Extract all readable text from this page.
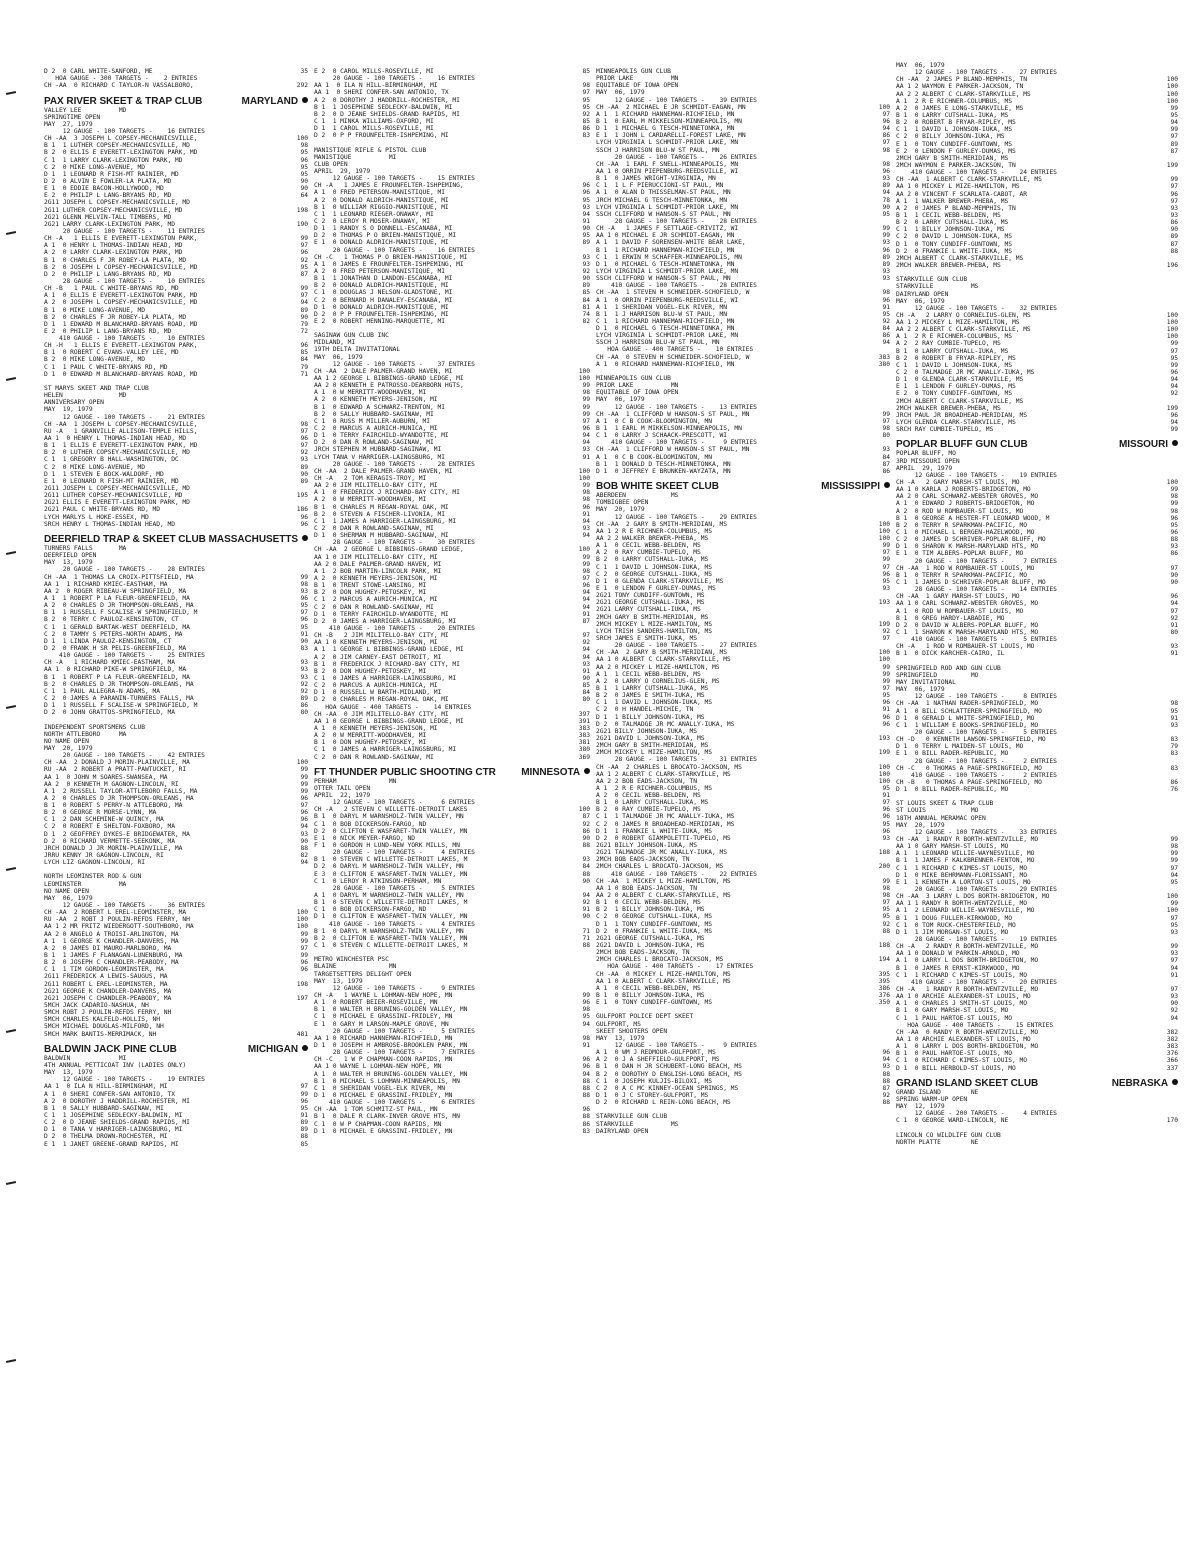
D 2  0 CARL WHITE-SANFORD, ME	35
HOA GAUGE - 300 TARGETS -    2 ENTRIES
CH -AA  0 RICHARD C TAYLOR-N VASSALBORO,	292
PAX RIVER SKEET & TRAP CLUB	MARYLAND
VALLEY LEE          MD
SPRINGTIME OPEN
MAY  27, 1979
12 GAUGE - 100 TARGETS -    16 ENTRIES
CH -AA  3 JOSEPH L COPSEY-MECHANICSVILLE,	100
B 1  1 LUTHER COPSEY-MECHANICSVILLE, MD	98
B 2  0 ELLIS E EVERETT-LEXINGTON PARK, MD	95
C 1  1 LARRY CLARK-LEXINGTON PARK, MD	96
C 2  0 MIKE LONG-AVENUE, MD	95
D 1  1 LEONARD R FISH-MT RAINIER, MD	95
D 2  0 ALVIN E FOWLER-LA PLATA, MD	90
E 1  0 EDDIE BACON-HOLLYWOOD, MD	90
E 2  0 PHILIP L LANG-BRYANS RD, MD	64
2G11 JOSEPH L COPSEY-MECHANICSVILLE, MD
2G11 LUTHER COPSEY-MECHANICSVILLE, MD	198
2G21 GLENN MELVIN-TALL TIMBERS, MD
2G21 LARRY CLARK-LEXINGTON PARK, MD	190
20 GAUGE - 100 TARGETS -    11 ENTRIES
CH -A   1 ELLIS E EVERETT-LEXINGTON PARK,	99
A 1  0 HENRY L THOMAS-INDIAN HEAD, MD	97
A 2  0 LARRY CLARK-LEXINGTON PARK, MD	96
B 1  0 CHARLES F JR ROBEY-LA PLATA, MD	92
B 2  0 JOSEPH L COPSEY-MECHANICSVILLE, MD	95
D 2  0 PHILIP L LANG-BRYANS RD, MD	87
28 GAUGE - 100 TARGETS -    10 ENTRIES
CH -B   1 PAUL C WHITE-BRYANS RD, MD	99
A 1  0 ELLIS E EVERETT-LEXINGTON PARK, MD	97
A 2  0 JOSEPH L COPSEY-MECHANICSVILLE, MD	94
B 1  0 MIKE LONG-AVENUE, MD	89
B 2  0 CHARLES F JR ROBEY-LA PLATA, MD	90
D 1  1 EDWARD M BLANCHARD-BRYANS ROAD, MD	79
E 2  0 PHILIP L LANG-BRYANS RD, MD	72
410 GAUGE - 100 TARGETS -    10 ENTRIES
CH -H   1 ELLIS E EVERETT-LEXINGTON PARK,	96
B 1  0 ROBERT C EVANS-VALLEY LEE, MD	85
B 2  0 MIKE LONG-AVENUE, MD	84
C 1  1 PAUL C WHITE-BRYANS RD, MD	79
D 1  0 EDWARD M BLANCHARD-BRYANS ROAD, MD	71
ST MARYS SKEET AND TRAP CLUB
HELEN               MD
ANNIVERSARY OPEN
MAY  19, 1979
12 GAUGE - 100 TARGETS -    21 ENTRIES
CH -AA  1 JOSEPH L COPSEY-MECHANICSVILLE,	98
RU -A   1 GRANVILLE ALLISON-TEMPLE HILLS,	97
AA 1  0 HENRY L THOMAS-INDIAN HEAD, MD	96
B 1  1 ELLIS E EVERETT-LEXINGTON PARK, MD	97
B 2  0 LUTHER COPSEY-MECHANICSVILLE, MD	92
C 1  1 GREGORY B HALL-WASHINGTON, DC	93
C 2  0 MIKE LONG-AVENUE, MD	89
D 1  1 STEVEN E BOCK-WALDORF, MD	90
E 1  0 LEONARD R FISH-MT RAINIER, MD	89
2G11 JOSEPH L COPSEY-MECHANICSVILLE, MD
2G11 LUTHER COPSEY-MECHANICSVILLE, MD	195
2G21 ELLIS E EVERETT-LEXINGTON PARK, MD
2G21 PAUL C WHITE-BRYANS RD, MD	186
LYCH MARLYS L HOKE-ESSEX, MD	96
SRCH HENRY L THOMAS-INDIAN HEAD, MD	96
DEERFIELD TRAP & SKEET CLUB MASSACHUSETTS
TURNERS FALLS       MA
DEERFIELD OPEN
MAY  13, 1979
20 GAUGE - 100 TARGETS -    28 ENTRIES
CH -AA  1 THOMAS LA CROIX-PITTSFIELD, MA	99
AA 1  1 RICHARD KMIEC-EASTHAM, MA	98
AA 2  0 ROGER RIBEAU-W SPRINGFIELD, MA	93
A 1  1 ROBERT P LA FLEUR-GREENFIELD, MA	96
A 2  0 CHARLES D JR THOMPSON-ORLEANS, MA	95
B 1  1 RUSSELL F SCALISE-W SPRINGFIELD, M	97
B 2  0 TERRY C PAULOZ-KENSINGTON, CT	96
C 1  1 GERALD BARTAK-WEST DEERFIELD, MA	95
C 2  0 TAMMY S PETERS-NORTH ADAMS, MA	91
D 1  1 LINDA PAULOZ-KENSINGTON, CT	90
D 2  0 FRANK H SR PELIS-GREENFIELD, MA	83
410 GAUGE - 100 TARGETS -    25 ENTRIES
CH -A   1 RICHARD KMIEC-EASTHAM, MA	93
AA 1  0 RICHARD PIKE-W SPRINGFIELD, MA	93
B 1  1 ROBERT P LA FLEUR-GREENFIELD, MA	93
B 2  0 CHARLES D JR THOMPSON-ORLEANS, MA	92
C 1  1 PAUL ALLEGRA-N ADAMS, MA	92
C 2  0 JAMES A PARANIN-TURNERS FALLS, MA	89
D 1  1 RUSSELL F SCALISE-W SPRINGFIELD, M	86
D 2  0 JOHN GRATTOS-SPRINGFIELD, MA	80
INDEPENDENT SPORTSMENS CLUB
NORTH ATTLEBORO     MA
NO NAME OPEN
MAY  20, 1979
20 GAUGE - 100 TARGETS -    42 ENTRIES
CH -AA  2 DONALD J MORIN-PLAINVILLE, MA	100
RU -AA  2 ROBERT A PRATT-PAWTUCKET, RI	99
AA 1  0 JOHN M SOARES-SWANSEA, MA	99
AA 2  0 KENNETH M GAGNON-LINCOLN, RI	99
A 1  2 RUSSELL TAYLOR-ATTLEBORO FALLS, MA	99
A 2  0 CHARLES D JR THOMPSON-ORLEANS, MA	96
B 1  0 ROBERT S PERRY-N ATTLEBORO, MA	97
B 2  0 GEORGE R MORSE-LYNN, MA	96
C 1  2 DAN SCHEMINE-W QUINCY, MA	96
C 2  0 ROBERT E SHELTON-FOXBORO, MA	94
D 1  2 GEOFFREY DYKES-E BRIDGEWATER, MA	93
D 2  0 RICHARD VERMETTE-SEEKONK, MA	90
JRCH DONALD J JR MORIN-PLAINVILLE, MA	88
JRRU KENNY JR GAGNON-LINCOLN, RI	82
LYCH LIZ GAGNON-LINCOLN, RI	94
NORTH LEOMINSTER ROD & GUN
LEOMINSTER          MA
NO NAME OPEN
MAY  06, 1979
12 GAUGE - 100 TARGETS -    36 ENTRIES
CH -AA  2 ROBERT L EREL-LEOMINSTER, MA	100
RU -AA  2 ROBT J POULIN-REFDS FERRY, NH	100
AA 1 2 MR FRITZ WIEDERGOTT-SOUTHBORO, MA	100
AA 2 0 ANGELO A TROISI-ARLINGTON, MA	99
A 1  1 GEORGE K CHANDLER-DANVERS, MA	99
A 2  0 JAMES DI MAURO-MARLBORO, MA	97
B 1  1 JAMES F FLANAGAN-LUNENBURG, MA	99
B 2  0 JOSEPH C CHANDLER-PEABODY, MA	96
C 1  1 TIM GORDON-LEOMINSTER, MA	96
2G11 FREDERICK A LEWIS-SAUGUS, MA
2G11 ROBERT L EREL-LEOMINSTER, MA	198
2G21 GEORGE K CHANDLER-DANVERS, MA
2G21 JOSEPH C CHANDLER-PEABODY, MA	197
5MCH JACK CADARIO-NASHUA, NH
5MCH ROBT J POULIN-REFDS FERRY, NH
5MCH CHARLES KALFELD-HOLLIS, NH
5MCH MICHAEL DOUGLAS-MILFORD, NH
5MCH MARK BANTIS-MERRIMACK, NH	481
BALDWIN JACK PINE CLUB	MICHIGAN
BALDWIN             MI
4TH ANNUAL PETTICOAT INV (LADIES ONLY)
MAY  13, 1979
12 GAUGE - 100 TARGETS -    19 ENTRIES
AA 1  0 ILA N HILL-BIRMINGHAM, MI	97
A 1  0 SHERI CONFER-SAN ANTONIO, TX	99
A 2  0 DOROTHY J HADDRILL-ROCHESTER, MI	96
B 1  0 SALLY HUBBARD-SAGINAW, MI	95
C 1  1 JOSEPHINE SEDLECKY-BALDWIN, MI	91
C 2  0 D JEANE SHIELDS-GRAND RAPIDS, MI	89
D 1  0 TANA V HARRIGER-LAINGSBURG, MI	89
D 2  0 THELMA DROWN-ROCHESTER, MI	88
E 1  1 JANET GREENE-GRAND RAPIDS, MI	85
E 2  0 CAROL MILLS-ROSEVILLE, MI	85
20 GAUGE - 100 TARGETS -    16 ENTRIES
AA 1  0 ILA N HILL-BIRMINGHAM, MI	98
AA 1  0 SHERI CONFER-SAN ANTONIO, TX	97
A 2  0 DOROTHY J HADDRILL-ROCHESTER, MI	95
B 1  1 JOSEPHINE SEDLECKY-BALDWIN, MI	95
B 2  0 D JEANE SHIELDS-GRAND RAPIDS, MI	92
C 1  1 MINKA WILLIAMS-OXFORD, MI	85
D 1  1 CAROL MILLS-ROSEVILLE, MI	86
D 2  0 P P FROUNFELTER-ISHPEMING, MI	83
MANISTIQUE RIFLE & PISTOL CLUB
MANISTIQUE          MI
CLUB OPEN
APRIL  29, 1979
12 GAUGE - 100 TARGETS -    15 ENTRIES
CH -A   1 JAMES E FROUNFELTER-ISHPEMING,	96
A 1  0 FRED PETERSON-MANISTIQUE, MI	96
A 2  0 DONALD ALDRICH-MANISTIQUE, MI	95
B 1  0 WILLIAM RIGGIO-MANISTIQUE, MI	93
C 1  1 LEONARD RIEGER-ONAWAY, MI	94
C 2  0 LEROY R MOSER-ONAWAY, MI	91
D 1  1 RANDY S O DONNELL-ESCANABA, MI	90
D 2  0 THOMAS P O BRIEN-MANISTIQUE, MI	95
E 1  0 DONALD ALDRICH-MANISTIQUE, MI	89
20 GAUGE - 100 TARGETS -    16 ENTRIES
CH -C   1 THOMAS P O BRIEN-MANISTIQUE, MI	93
A 1  0 JAMES E FROUNFELTER-ISHPEMING, MI	93
A 2  0 FRED PETERSON-MANISTIQUE, MI	92
B 1  1 JONATHAN D LANDON-ESCANABA, MI	90
B 2  0 DONALD ALDRICH-MANISTIQUE, MI	89
C 1  0 DOUGLAS J NELSON-GLADSTONE, MI	85
C 2  0 BERNARD H DANALEY-ESCANABA, MI	84
D 1  0 DONALD ALDRICH-MANISTIQUE, MI	81
D 2  0 P P FROUNFELTER-ISHPEMING, MI	74
E 2  0 ROBERT HENNING-MARQUETTE, MI	82
SAGINAW GUN CLUB INC
MIDLAND, MI
19TH DELTA INVITATIONAL
MAY  06, 1979
12 GAUGE - 100 TARGETS -    37 ENTRIES
CH -AA  2 DALE PALMER-GRAND HAVEN, MI	100
AA 1 2 GEORGE L BIBBINGS-GRAND LEDGE, MI	100
AA 2 0 KENNETH E PATROSSO-DEARBORN HGTS,	99
A 1  0 W MERRITT-WOODHAVEN, MI	98
A 2  0 KENNETH MEYERS-JENISON, MI	99
B 1  0 EDWARD A SCHWARZ-TRENTON, MI	99
B 2  0 SALLY HUBBARD-SAGINAW, MI	99
C 1  0 RUSS M MILLER-AUBURN, MI	97
C 2  0 MARCUS A AURICH-MUNICA, MI	96
D 1  0 TERRY FAIRCHILD-WYANDOTTE, MI	94
D 2  0 DAN R ROWLAND-SAGINAW, MI	94
JRCH STEPHEN M HUBBARD-SAGINAW, MI	93
LYCH TANA V HARRIGER-LAINGSBURG, MI	91
20 GAUGE - 100 TARGETS -    28 ENTRIES
CH -AA  2 DALE PALMER-GRAND HAVEN, MI	100
CH -A   2 TOM KERAGIS-TROY, MI	100
AA 2 0 JIM MILITELLO-BAY CITY, MI	99
A 1  0 FREDERICK J RICHARD-BAY CITY, MI	98
A 2  0 W MERRITT-WOODHAVEN, MI	98
B 1  0 CHARLES M REGAN-ROYAL OAK, MI	96
B 2  0 STEVEN A FISCHER-LIVONIA, MI	91
C 1  1 JAMES A HARRIGER-LAINGSBURG, MI	94
C 2  0 DAN R ROWLAND-SAGINAW, MI	93
D 1  0 SHERMAN M HUBBARD-SAGINAW, MI	94
28 GAUGE - 100 TARGETS -    30 ENTRIES
CH -AA  2 GEORGE L BIBBINGS-GRAND LEDGE,	100
AA 1 0 JIM MILITELLO-BAY CITY, MI	99
AA 2 0 DALE PALMER-GRAND HAVEN, MI	99
A 1  2 BOB MARTIN-LINCOLN PARK, MI	98
A 2  0 KENNETH MEYERS-JENISON, MI	97
B 1  0 TRENT STOWE-LANSING, MI	96
B 2  0 DON HUGHEY-PETOSKEY, MI	94
C 1  2 MARCUS A AURICH-MUNICA, MI	94
C 2  0 DAN R ROWLAND-SAGINAW, MI	94
D 1  0 TERRY FAIRCHILD-WYANDOTTE, MI	91
D 2  0 JAMES A HARRIGER-LAINGSBURG, MI	87
410 GAUGE - 100 TARGETS -    20 ENTRIES
CH -B   2 JIM MILITELLO-BAY CITY, MI	97
AA 1 0 KENNETH MEYERS-JENISON, MI	92
A 1  1 GEORGE L BIBBINGS-GRAND LEDGE, MI	94
A 2  0 JIM CARNEY-EAST DETROIT, MI	94
B 1  0 FREDERICK J RICHARD-BAY CITY, MI	93
B 2  0 DON HUGHEY-PETOSKEY, MI	91
C 1  0 JAMES A HARRIGER-LAINGSBURG, MI	90
C 2  0 MARCUS A AURICH-MUNICA, MI	85
D 1  0 RUSSELL W BARTH-MIDLAND, MI	84
D 2  0 CHARLES M REGAN-ROYAL OAK, MI	80
HOA GAUGE - 400 TARGETS -    14 ENTRIES
CH -AA  0 JIM MILITELLO-BAY CITY, MI	397
AA 1 0 GEORGE L BIBBINGS-GRAND LEDGE, MI	391
A 1  0 KENNETH MEYERS-JENISON, MI	383
A 2  0 W MERRITT-WOODHAVEN, MI	383
B 1  0 DON HUGHEY-PETOSKEY, MI	381
C 1  0 JAMES A HARRIGER-LAINGSBURG, MI	380
C 2  0 DAN R ROWLAND-SAGINAW, MI	369
FT THUNDER PUBLIC SHOOTING CTR	MINNESOTA
PERHAM              MN
OTTER TAIL OPEN
APRIL  22, 1979
12 GAUGE - 100 TARGETS -     6 ENTRIES
CH -A   2 STEVEN C WILLETTE-DETROIT LAKES	100
B 1  0 DARYL M WARNSHOLZ-TWIN VALLEY, MN	87
C 1  0 BOB DICKERSON-FARGO, ND	92
D 2  0 CLIFTON E WASFARET-TWIN VALLEY, MN	86
E 1  0 NICK MEYER-FARGO, ND	90
F 1  0 GORDON H LUND-NEW YORK MILLS, MN	88
20 GAUGE - 100 TARGETS -     4 ENTRIES
B 1  0 STEVEN C WILLETTE-DETROIT LAKES, M	93
D 2  0 DARYL M WARNSHOLZ-TWIN VALLEY, MN	84
E 3  0 CLIFTON E WASFARET-TWIN VALLEY, MN	88
C 1  0 LEROY R ATKINSON-PERHAM, MN	90
28 GAUGE - 100 TARGETS -     5 ENTRIES
A 1  0 DARYL M WARNSHOLZ-TWIN VALLEY, MN	94
B 1  0 STEVEN C WILLETTE-DETROIT LAKES, M	92
C 1  0 BOB DICKERSON-FARGO, ND	91
D 1  0 CLIFTON E WASFARET-TWIN VALLEY, MN	90
410 GAUGE - 100 TARGETS -     4 ENTRIES
B 1  0 DARYL M WARNSHOLZ-TWIN VALLEY, MN	71
B 2  0 CLIFTON E WASFARET-TWIN VALLEY, MN	71
C 1  0 STEVEN C WILLETTE-DETROIT LAKES, M	88
METRO WINCHESTER PSC
BLAINE              MN
TARGETSETTERS DELIGHT OPEN
MAY  13, 1979
12 GAUGE - 100 TARGETS -     9 ENTRIES
CH -A   1 WAYNE L LOHMAN-NEW HOPE, MN	99
A 1  0 ROBERT BEIER-ROSEVILLE, MN	96
B 1  0 WALTER H BRUNING-GOLDEN VALLEY, MN	98
C 1  0 MICHAEL E GRASSINI-FRIDLEY, MN	95
E 1  0 GARY M LARSON-MAPLE GROVE, MN	94
20 GAUGE - 100 TARGETS -     5 ENTRIES
AA 1 0 RICHARD HANNEMAN-RICHFIELD, MN	98
D 1  0 JOSEPH H AMBROSE-BROOKLEN PARK, MN	91
28 GAUGE - 100 TARGETS -     7 ENTRIES
CH -C   1 W P CHAPMAN-COON RAPIDS, MN	96
AA 1 0 WAYNE L LOHMAN-NEW HOPE, MN	96
A 1  0 WALTER H BRUNING-GOLDEN VALLEY, MN	94
B 1  0 MICHAEL S LOHMAN-MINNEAPOLIS, MN	88
C 1  0 SHERIDAN VOGEL-ELK RIVER, MN	88
D 1  0 MICHAEL E GRASSINI-FRIDLEY, MN	88
410 GAUGE - 100 TARGETS -     6 ENTRIES
CH -AA  1 TOM SCHMITZ-ST PAUL, MN	96
B 1  0 DALE R CLARK-INVER GROVE HTS, MN	88
C 1  0 W P CHAPMAN-COON RAPIDS, MN	86
D 1  0 MICHAEL E GRASSINI-FRIDLEY, MN	83
MINNEAPOLIS GUN CLUB
PRIOR LAKE          MN
EQUITABLE OF IOWA OPEN
MAY  06, 1979
12 GAUGE - 100 TARGETS -    39 ENTRIES
CH -AA  2 MICHAEL E JR SCHMIDT-EAGAN, MN	100
A 1  1 RICHARD HANNEMAN-RICHFIELD, MN	97
B 1  0 EARL M MIKKELSON-MINNEAPOLIS, MN	96
D 1  1 MICHAEL G TESCH-MINNETONKA, MN	94
E 1  1 JOHN L CARDARELLI-FOREST LAKE, MN	86
LYCH VIRGINIA L SCHMIDT-PRIOR LAKE, MN	97
SSCH J HARRISON BLU-W ST PAUL, MN	98
20 GAUGE - 100 TARGETS -    26 ENTRIES
CH -AA  1 EARL F SNELL-MINNEAPOLIS, MN	98
AA 1 0 ORRIN PIEPENBURG-REEDSVILLE, WI	96
B 1  0 JAMES WRIGHT-VIRGINIA, MN	93
C 1  1 L F PIERUCCIONI-ST PAUL, MN	89
A 1  0 ALAN D THISSELMAN-ST PAUL, MN	94
JRCH MICHAEL G TESCH-MINNETONKA, MN	78
LYCH VIRGINIA L SCHMIDT-PRIOR LAKE, MN	90
SSCH CLIFFORD W HANSON-S ST PAUL, MN	95
28 GAUGE - 100 TARGETS -    28 ENTRIES
CH -A   1 JAMES F SETTLAGE-CRIVITZ, WI	99
AA 1 0 MICHAEL E JR SCHMIDT-EAGAN, MN	99
A 1  1 DAVID F SORENSEN-WHITE BEAR LAKE,	93
B 1  1 RICHARD HANNEMAN-RICHFIELD, MN	96
C 1  1 ERWIN M SCHAFFER-MINNEAPOLIS, MN	89
D 1  0 MICHAEL G TESCH-MINNETONKA, MN	89
LYCH VIRGINIA L SCHMIDT-PRIOR LAKE, MN	93
SSCH CLIFFORD W HANSON-S ST PAUL, MN	93
410 GAUGE - 100 TARGETS -    28 ENTRIES
CH -AA  1 STEVEN H SCHNEIDER-SCHOFIELD, W	98
A 1  0 ORRIN PIEPENBURG-REEDSVILLE, WI	96
A 1  1 SHERIDAN VOGEL-ELK RIVER, MN	91
B 1  1 J HARRISON BLU-W ST PAUL, MN	95
C 1  1 RICHARD HANNEMAN-RICHFIELD, MN	92
D 1  0 MICHAEL G TESCH-MINNETONKA, MN	84
LYCH VIRGINIA L SCHMIDT-PRIOR LAKE, MN	86
SSCH J HARRISON BLU-W ST PAUL, MN	94
HOA GAUGE - 400 TARGETS -    10 ENTRIES
CH -AA  0 STEVEN H SCHNEIDER-SCHOFIELD, W	383
A 1  0 RICHARD HANNEMAN-RICHFIELD, MN	380
MINNEAPOLIS GUN CLUB
PRIOR LAKE          MN
EQUITABLE OF IOWA OPEN
MAY  06, 1979
12 GAUGE - 100 TARGETS -    13 ENTRIES
CH -AA  1 CLIFFORD W HANSON-S ST PAUL, MN	99
A 1  0 C B COOK-BLOOMINGTON, MN	97
B 1  1 EARL M MIKKELSON-MINNEAPOLIS, MN	98
C 1  0 LARRY J SCHAACK-PRESCOTT, WI	80
410 GAUGE - 100 TARGETS -     9 ENTRIES
CH -AA  1 CLIFFORD W HANSON-S ST PAUL, MN	93
A 1  0 C B COOK-BLOOMINGTON, MN	84
B 1  1 DONALD D TESCH-MINNETONKA, MN	87
D 1  0 JEFFREY E BRUNKEN-WAYZATA, MN	86
BOB WHITE SKEET CLUB	MISSISSIPPI
ABERDEEN            MS
TOMBIGBEE OPEN
MAY  20, 1979
12 GAUGE - 100 TARGETS -    29 ENTRIES
CH -AA  2 GARY B SMITH-MERIDIAN, MS	100
AA 1 2 R E RICHNER-COLUMBUS, MS	100
AA 2 2 WALKER BREWER-PHEBA, MS	100
A 1  0 CECIL WEBB-BELDEN, MS	99
A 2  0 RAY CUMBIE-TUPELO, MS	97
B 2  0 LARRY CUTSHALL-IUKA, MS	99
C 1  1 DAVID L JOHNSON-IUKA, MS	97
C 2  0 GEORGE CUTSHALL-IUKA, MS	96
D 1  0 GLENDA CLARK-STARKVILLE, MS	95
E 1  0 LENDON F GURLEY-DUMAS, MS	93
2G21 TONY CUNDIFF-GUNTOWN, MS
2G21 GEORGE CUTSHALL-IUKA, MS	193
2G21 LARRY CUTSHALL-IUKA, MS
2MCH GARY B SMITH-MERIDIAN, MS
2MCH MICKEY L MIZE-HAMILTON, MS	199
LYCH TRISH SANDERS-HAMILTON, MS	92
SRCH JAMES E SMITH-IUKA, MS	97
20 GAUGE - 100 TARGETS -    27 ENTRIES
CH -AA  2 GARY B SMITH-MERIDIAN, MS	100
AA 1 0 ALBERT C CLARK-STARKVILLE, MS	100
AA 2 0 MICKEY L MIZE-HAMILTON, MS	99
A 1  1 CECIL WEBB-BELDEN, MS	99
A 2  0 LARRY O CORNELIUS-GLEN, MS	99
B 1  1 LARRY CUTSHALL-IUKA, MS	97
B 2  0 JAMES E SMITH-IUKA, MS	95
C 1  1 DAVID L JOHNSON-IUKA, MS	96
C 2  0 H HANDEL-MICHIE, TN	91
D 1  1 BILLY JOHNSON-IUKA, MS	96
D 2  0 TALMADGE JR MC ANALLY-IUKA, MS	96
2G21 BILLY JOHNSON-IUKA, MS
2G21 DAVID L JOHNSON-IUKA, MS	193
2MCH GARY B SMITH-MERIDIAN, MS
2MCH MICKEY L MIZE-HAMILTON, MS	199
28 GAUGE - 100 TARGETS -    31 ENTRIES
CH -AA  2 CHARLES L BROCATO-JACKSON, MS	100
AA 1 2 ALBERT C CLARK-STARKVILLE, MS	100
AA 2 2 BOB EADS-JACKSON, TN	100
A 1  2 R E RICHNER-COLUMBUS, MS	95
A 2  0 CECIL WEBB-BELDEN, MS	91
B 1  0 LARRY CUTSHALL-IUKA, MS	97
B 2  0 RAY CUMBIE-TUPELO, MS	96
C 1  1 TALMADGE JR MC ANALLY-IUKA, MS	96
C 2  0 JAMES R BROADHEAD-MERIDIAN, MS	95
D 1  1 FRANKIE L WHITE-IUKA, MS	96
D 2  0 ROBERT GIAMPOLETTI-TUPELO, MS	93
2G21 BILLY JOHNSON-IUKA, MS
2G21 TALMADGE JR MC ANALLY-IUKA, MS	188
2MCH BOB EADS-JACKSON, TN
2MCH CHARLES L BROCATO-JACKSON, MS	200
410 GAUGE - 100 TARGETS -    22 ENTRIES
CH -AA  1 MICKEY L MIZE-HAMILTON, MS	99
AA 1 0 BOB EADS-JACKSON, TN	98
AA 2 0 ALBERT C CLARK-STARKVILLE, MS	98
B 1  0 CECIL WEBB-BELDEN, MS	97
B 2  1 BILLY JOHNSON-IUKA, MS	95
C 2  0 GEORGE CUTSHALL-IUKA, MS	95
D 1  1 TONY CUNDIFF-GUNTOWN, MS	92
D 2  0 FRANKIE L WHITE-IUKA, MS	88
2G21 GEORGE CUTSHALL-IUKA, MS
2G21 DAVID L JOHNSON-IUKA, MS	188
2MCH BOB EADS-JACKSON, TN
2MCH CHARLES L BROCATO-JACKSON, MS	194
HOA GAUGE - 400 TARGETS -    17 ENTRIES
CH -AA  0 MICKEY L MIZE-HAMILTON, MS	395
AA 1 0 ALBERT C CLARK-STARKVILLE, MS	395
A 1  0 CECIL WEBB-BELDEN, MS	386
B 1  0 BILLY JOHNSON-IUKA, MS	376
E 1  0 TONY CUNDIFF-GUNTOWN, MS	350
GULFPORT POLICE DEPT SKEET
GULFPORT, MS
SKEET SHOOTERS OPEN
MAY  13, 1979
12 GAUGE - 100 TARGETS -     9 ENTRIES
A 1  0 WM J REDMOUR-GULFPORT, MS	96
A 2  0 J A SHEFFIELD-GULFPORT, MS	94
B 1  0 DAN H JR SCHUBERT-LONG BEACH, MS	93
B 2  0 DOROTHY D ENGLISH-LONG BEACH, MS	88
C 1  0 JOSEPH KULJIS-BILOXI, MS	88
C 2  0 A C MC KINNEY-OCEAN SPRINGS, MS	87
D 1  0 J C STOREY-GULFPORT, MS	92
D 2  0 RICHARD L REIN-LONG BEACH, MS	88
STARKVILLE GUN CLUB
STARKVILLE          MS
DAIRYLAND OPEN
MAY  06, 1979
12 GAUGE - 100 TARGETS -    27 ENTRIES
CH -AA  2 JAMES P BLAND-MEMPHIS, TN	100
AA 1 2 WAYMON E PARKER-JACKSON, TN	100
AA 2 2 ALBERT C CLARK-STARKVILLE, MS	100
A 1  2 R E RICHNER-COLUMBUS, MS	100
A 2  0 JAMES E LONG-STARKVILLE, MS	99
B 1  0 LARRY CUTSHALL-IUKA, MS	95
B 2  0 ROBERT B FRYAR-RIPLEY, MS	94
C 1  1 DAVID L JOHNSON-IUKA, MS	99
C 2  0 BILLY JOHNSON-IUKA, MS	97
E 1  0 TONY CUNDIFF-GUNTOWN, MS	89
E 2  0 LENDON F GURLEY-DUMAS, MS	87
2MCH GARY B SMITH-MERIDIAN, MS
2MCH WAYMON E PARKER-JACKSON, TN	199
410 GAUGE - 100 TARGETS -    24 ENTRIES
CH -AA  1 ALBERT C CLARK-STARKVILLE, MS	99
AA 1 0 MICKEY L MIZE-HAMILTON, MS	97
AA 2 0 VINCENT F SCARLATA-CABOT, AR	96
A 1  1 WALKER BREWER-PHEBA, MS	97
A 2  0 JAMES P BLAND-MEMPHIS, TN	93
B 1  1 CECIL WEBB-BELDEN, MS	93
B 2  0 LARRY CUTSHALL-IUKA, MS	86
C 1  1 BILLY JOHNSON-IUKA, MS	90
C 2  0 DAVID L JOHNSON-IUKA, MS	89
D 1  0 TONY CUNDIFF-GUNTOWN, MS	87
D 2  0 FRANKIE L WHITE-IUKA, MS	88
2MCH ALBERT C CLARK-STARKVILLE, MS
2MCH WALKER BREWER-PHEBA, MS	196
STARKVILLE GUN CLUB
STARKVILLE          MS
DAIRYLAND OPEN
MAY  06, 1979
12 GAUGE - 100 TARGETS -    32 ENTRIES
CH -A   2 LARRY O CORNELIUS-GLEN, MS	100
AA 1 2 MICKEY L MIZE-HAMILTON, MS	100
AA 2 2 ALBERT C CLARK-STARKVILLE, MS	100
A 1  2 R E RICHNER-COLUMBUS, MS	100
A 2  2 RAY CUMBIE-TUPELO, MS	99
B 1  0 LARRY CUTSHALL-IUKA, MS	97
B 2  0 ROBERT B FRYAR-RIPLEY, MS	95
C 1  1 DAVID L JOHNSON-IUKA, MS	99
C 2  0 TALMADGE JR MC ANALLY-IUKA, MS	96
D 1  0 GLENDA CLARK-STARKVILLE, MS	94
E 1  1 LENDON F GURLEY-DUMAS, MS	94
E 2  0 TONY CUNDIFF-GUNTOWN, MS	92
2MCH ALBERT C CLARK-STARKVILLE, MS
2MCH WALKER BREWER-PHEBA, MS	199
JRCH PAUL JR BROADHEAD-MERIDIAN, MS	96
LYCH GLENDA CLARK-STARKVILLE, MS	94
SRCH RAY CUMBIE-TUPELO, MS	99
POPLAR BLUFF GUN CLUB	MISSOURI
POPLAR BLUFF, MO
3RD MISSOURI OPEN
APRIL  29, 1979
12 GAUGE - 100 TARGETS -    19 ENTRIES
CH -A   2 GARY MARSH-ST LOUIS, MO	100
AA 1 0 KARLA J ROBERTS-BRIDGETON, MO	99
AA 2 0 CARL SCHWARZ-WEBSTER GROVES, MO	98
A 1  0 EDWARD J ROBERTS-BRIDGETON, MO	99
A 2  0 ROD W ROMBAUER-ST LOUIS, MO	98
B 1  0 GEORGE A HESTER-FT LEONARD WOOD, M	96
B 2  0 TERRY R SPARKMAN-PACIFIC, MO	95
C 1  0 MICHAEL L BERGEN-HAZELWOOD, MO	96
C 2  0 JAMES D SCHRIVER-POPLAR BLUFF, MO	88
D 1  0 SHARON K MARSH-MARYLAND HTS, MO	93
E 1  0 TIM ALBERS-POPLAR BLUFF, MO	86
20 GAUGE - 100 TARGETS -     7 ENTRIES
CH -AA  1 ROD W ROMBAUER-ST LOUIS, MO	97
B 1  0 TERRY R SPARKMAN-PACIFIC, MO	90
C 1  1 JAMES D SCHRIVER-POPLAR BLUFF, MO	90
28 GAUGE - 100 TARGETS -    14 ENTRIES
CH -AA  1 GARY MARSH-ST LOUIS, MO	96
AA 1 0 CARL SCHWARZ-WEBSTER GROVES, MO	94
A 1  0 ROD W ROMBAUER-ST LOUIS, MO	97
B 1  0 GREG HARDY-LABADIE, MO	92
D 2  0 DAVID W ALBERS-POPLAR BLUFF, MO	91
C 1  1 SHARON K MARSH-MARYLAND HTS, MO	80
410 GAUGE - 100 TARGETS -     5 ENTRIES
CH -A   1 ROD W ROMBAUER-ST LOUIS, MO	93
B 1  0 DICK KARCHER-CAIRO, IL	91
SPRINGFIELD ROD AND GUN CLUB
SPRINGFIELD         MO
MAY INVITATIONAL
MAY  06, 1979
12 GAUGE - 100 TARGETS -     8 ENTRIES
CH -AA  1 NATHAN RADER-SPRINGFIELD, MO	98
A 1  0 BILL SCHLATTERER-SPRINGFIELD, MO	95
D 1  0 GERALD L WHITE-SPRINGFIELD, MO	91
C 1  1 WILLIAM E BOOKS-SPRINGFIELD, MO	93
20 GAUGE - 100 TARGETS -     5 ENTRIES
CH -D   0 KENNETH LAWSON-SPRINGFIELD, MO	83
D 1  0 TERRY L MAIDEN-ST LOUIS, MO	79
E 1  0 BILL RADER-REPUBLIC, MO	83
28 GAUGE - 100 TARGETS -     2 ENTRIES
CH -C   0 THOMAS A PAGE-SPRINGFIELD, MO	83
410 GAUGE - 100 TARGETS -     2 ENTRIES
CH -B   0 THOMAS A PAGE-SPRINGFIELD, MO	86
D 1  0 BILL RADER-REPUBLIC, MO	76
ST LOUIS SKEET & TRAP CLUB
ST LOUIS            MO
18TH ANNUAL MERAMAC OPEN
MAY  20, 1979
12 GAUGE - 100 TARGETS -    33 ENTRIES
CH -AA  1 RANDY R BORTH-WENTZVILLE, MO	99
AA 1 0 GARY MARSH-ST LOUIS, MO	98
A 1  1 LEONARD WILLIE-WAYNESVILLE, MO	99
B 1  1 JAMES F KALKBRENNER-FENTON, MO	99
C 1  1 RICHARD C KIMES-ST LOUIS, MO	97
D 1  0 MIKE BEHRMANN-FLORISSANT, MO	94
E 1  1 KENNETH A LORTON-ST LOUIS, MO	95
20 GAUGE - 100 TARGETS -    29 ENTRIES
CH -AA  3 LARRY L DOS BORTH-BRIDGETON, MO	100
AA 1 1 RANDY R BORTH-WENTZVILLE, MO	99
A 1  2 LEONARD WILLIE-WAYNESVILLE, MO	100
B 1  1 DOUG FULLER-KIRKWOOD, MO	97
C 1  0 TOM RUCK-CHESTERFIELD, MO	95
D 1  1 JIM MORGAN-ST LOUIS, MO	93
28 GAUGE - 100 TARGETS -    19 ENTRIES
CH -A   2 RANDY R BORTH-WENTZVILLE, MO	99
AA 1 0 DONALD W PARKIN-ARNOLD, MO	93
A 1  0 LARRY L DOS BORTH-BRIDGETON, MO	97
B 1  0 JAMES R ERNST-KIRKWOOD, MO	94
C 1  1 RICHARD C KIMES-ST LOUIS, MO	91
410 GAUGE - 100 TARGETS -    20 ENTRIES
CH -A   1 RANDY R BORTH-WENTZVILLE, MO	97
AA 1 0 ARCHIE ALEXANDER-ST LOUIS, MO	93
A 1  0 CHARLES J SMITH-ST LOUIS, MO	90
B 1  0 GARY MARSH-ST LOUIS, MO	92
C 1  1 PAUL HARTOE-ST LOUIS, MO	94
HOA GAUGE - 400 TARGETS -    15 ENTRIES
CH -AA  0 RANDY R BORTH-WENTZVILLE, MO	382
AA 1 0 ARCHIE ALEXANDER-ST LOUIS, MO	382
A 1  0 LARRY L DOS BORTH-BRIDGETON, MO	383
B 1  0 PAUL HARTOE-ST LOUIS, MO	376
C 1  0 RICHARD C KIMES-ST LOUIS, MO	366
D 1  0 BILL HERBOLD-ST LOUIS, MO	337
GRAND ISLAND SKEET CLUB	NEBRASKA
GRAND ISLAND        NE
SPRING WARM-UP OPEN
MAY  12, 1979
12 GAUGE - 200 TARGETS -     4 ENTRIES
C 1  0 GEORGE WARD-LINCOLN, NE	170
LINCOLN CO WILDLIFE GUN CLUB
NORTH PLATTE        NE
